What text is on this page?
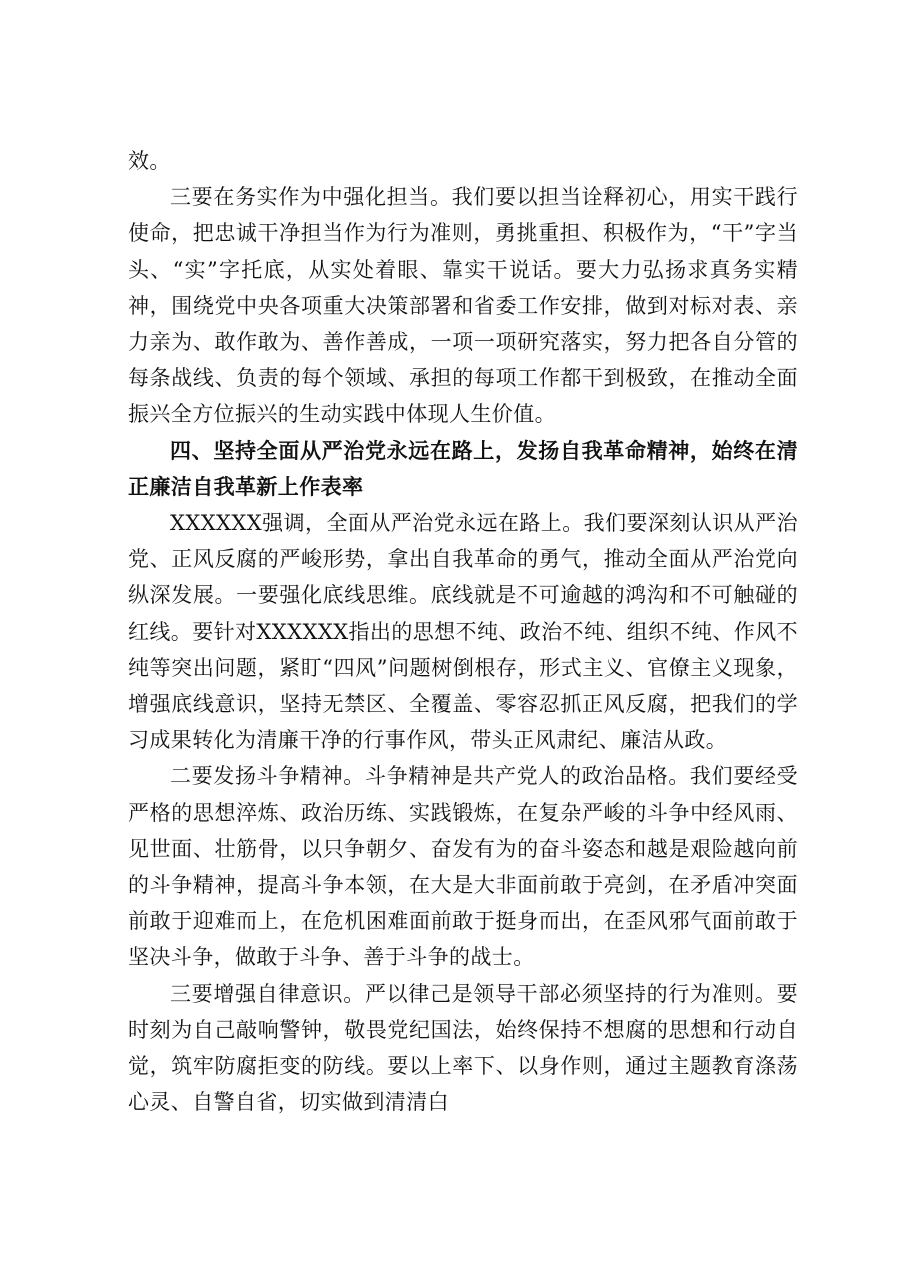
效。

三要在务实作为中强化担当。我们要以担当诠释初心，用实干践行使命，把忠诚干净担当作为行为准则，勇挑重担、积极作为，“干”字当头、“实”字托底，从实处着眼、靠实干说话。要大力弘扬求真务实精神，围绕党中央各项重大决策部署和省委工作安排，做到对标对表、亲力亲为、敢作敢为、善作善成，一项一项研究落实，努力把各自分管的每条战线、负责的每个领域、承担的每项工作都干到极致，在推动全面振兴全方位振兴的生动实践中体现人生价值。

四、坚持全面从严治党永远在路上，发扬自我革命精神，始终在清正廉洁自我革新上作表率

XXXXXX强调，全面从严治党永远在路上。我们要深刻认识从严治党、正风反腐的严峻形势，拿出自我革命的勇气，推动全面从严治党向纵深发展。一要强化底线思维。底线就是不可逾越的鸿沟和不可触碰的红线。要针对XXXXXX指出的思想不纯、政治不纯、组织不纯、作风不纯等突出问题，紧盯“四风”问题树倒根存，形式主义、官僚主义现象，增强底线意识，坚持无禁区、全覆盖、零容忍抓正风反腐，把我们的学习成果转化为清廉干净的行事作风，带头正风肃纪、廉洁从政。

二要发扬斗争精神。斗争精神是共产党人的政治品格。我们要经受严格的思想淬炼、政治历练、实践锻炼，在复杂严峻的斗争中经风雨、见世面、壮筋骨，以只争朝夕、奋发有为的奋斗姿态和越是艰险越向前的斗争精神，提高斗争本领，在大是大非面前敢于亮剑，在矛盾冲突面前敢于迎难而上，在危机困难面前敢于挺身而出，在歪风邪气面前敢于坚决斗争，做敢于斗争、善于斗争的战士。

三要增强自律意识。严以律己是领导干部必须坚持的行为准则。要时刻为自己敲响警钟，敬畏党纪国法，始终保持不想腐的思想和行动自觉，筑牢防腐拒变的防线。要以上率下、以身作则，通过主题教育涤荡心灵、自警自省，切实做到清清白
